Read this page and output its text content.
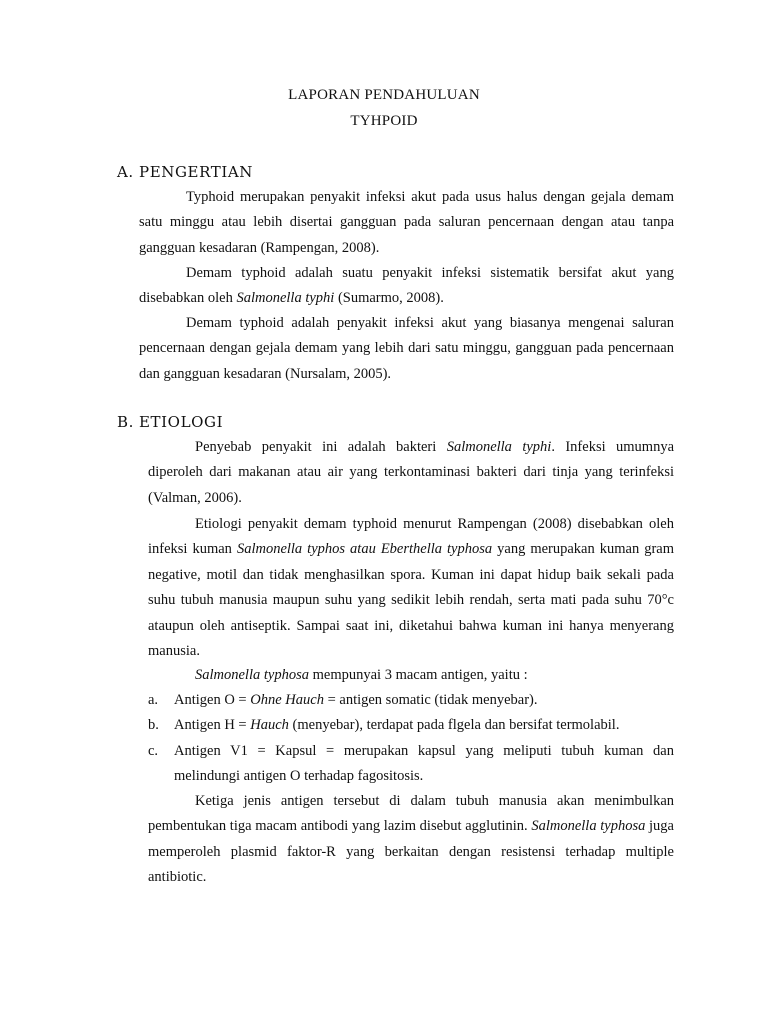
LAPORAN PENDAHULUAN
TYHPOID
A. PENGERTIAN
Typhoid merupakan penyakit infeksi akut pada usus halus dengan gejala demam satu minggu atau lebih disertai gangguan pada saluran pencernaan dengan atau tanpa gangguan kesadaran (Rampengan, 2008).
Demam typhoid adalah suatu penyakit infeksi sistematik bersifat akut yang disebabkan oleh Salmonella typhi (Sumarmo, 2008).
Demam typhoid adalah penyakit infeksi akut yang biasanya mengenai saluran pencernaan dengan gejala demam yang lebih dari satu minggu, gangguan pada pencernaan dan gangguan kesadaran (Nursalam, 2005).
B. ETIOLOGI
Penyebab penyakit ini adalah bakteri Salmonella typhi. Infeksi umumnya diperoleh dari makanan atau air yang terkontaminasi bakteri dari tinja yang terinfeksi (Valman, 2006).
Etiologi penyakit demam typhoid menurut Rampengan (2008) disebabkan oleh infeksi kuman Salmonella typhos atau Eberthella typhosa yang merupakan kuman gram negative, motil dan tidak menghasilkan spora. Kuman ini dapat hidup baik sekali pada suhu tubuh manusia maupun suhu yang sedikit lebih rendah, serta mati pada suhu 70°c ataupun oleh antiseptik. Sampai saat ini, diketahui bahwa kuman ini hanya menyerang manusia.
Salmonella typhosa mempunyai 3 macam antigen, yaitu :
a. Antigen O = Ohne Hauch = antigen somatic (tidak menyebar).
b. Antigen H = Hauch (menyebar), terdapat pada flgela dan bersifat termolabil.
c. Antigen V1 = Kapsul = merupakan kapsul yang meliputi tubuh kuman dan melindungi antigen O terhadap fagositosis.
Ketiga jenis antigen tersebut di dalam tubuh manusia akan menimbulkan pembentukan tiga macam antibodi yang lazim disebut agglutinin. Salmonella typhosa juga memperoleh plasmid faktor-R yang berkaitan dengan resistensi terhadap multiple antibiotic.
